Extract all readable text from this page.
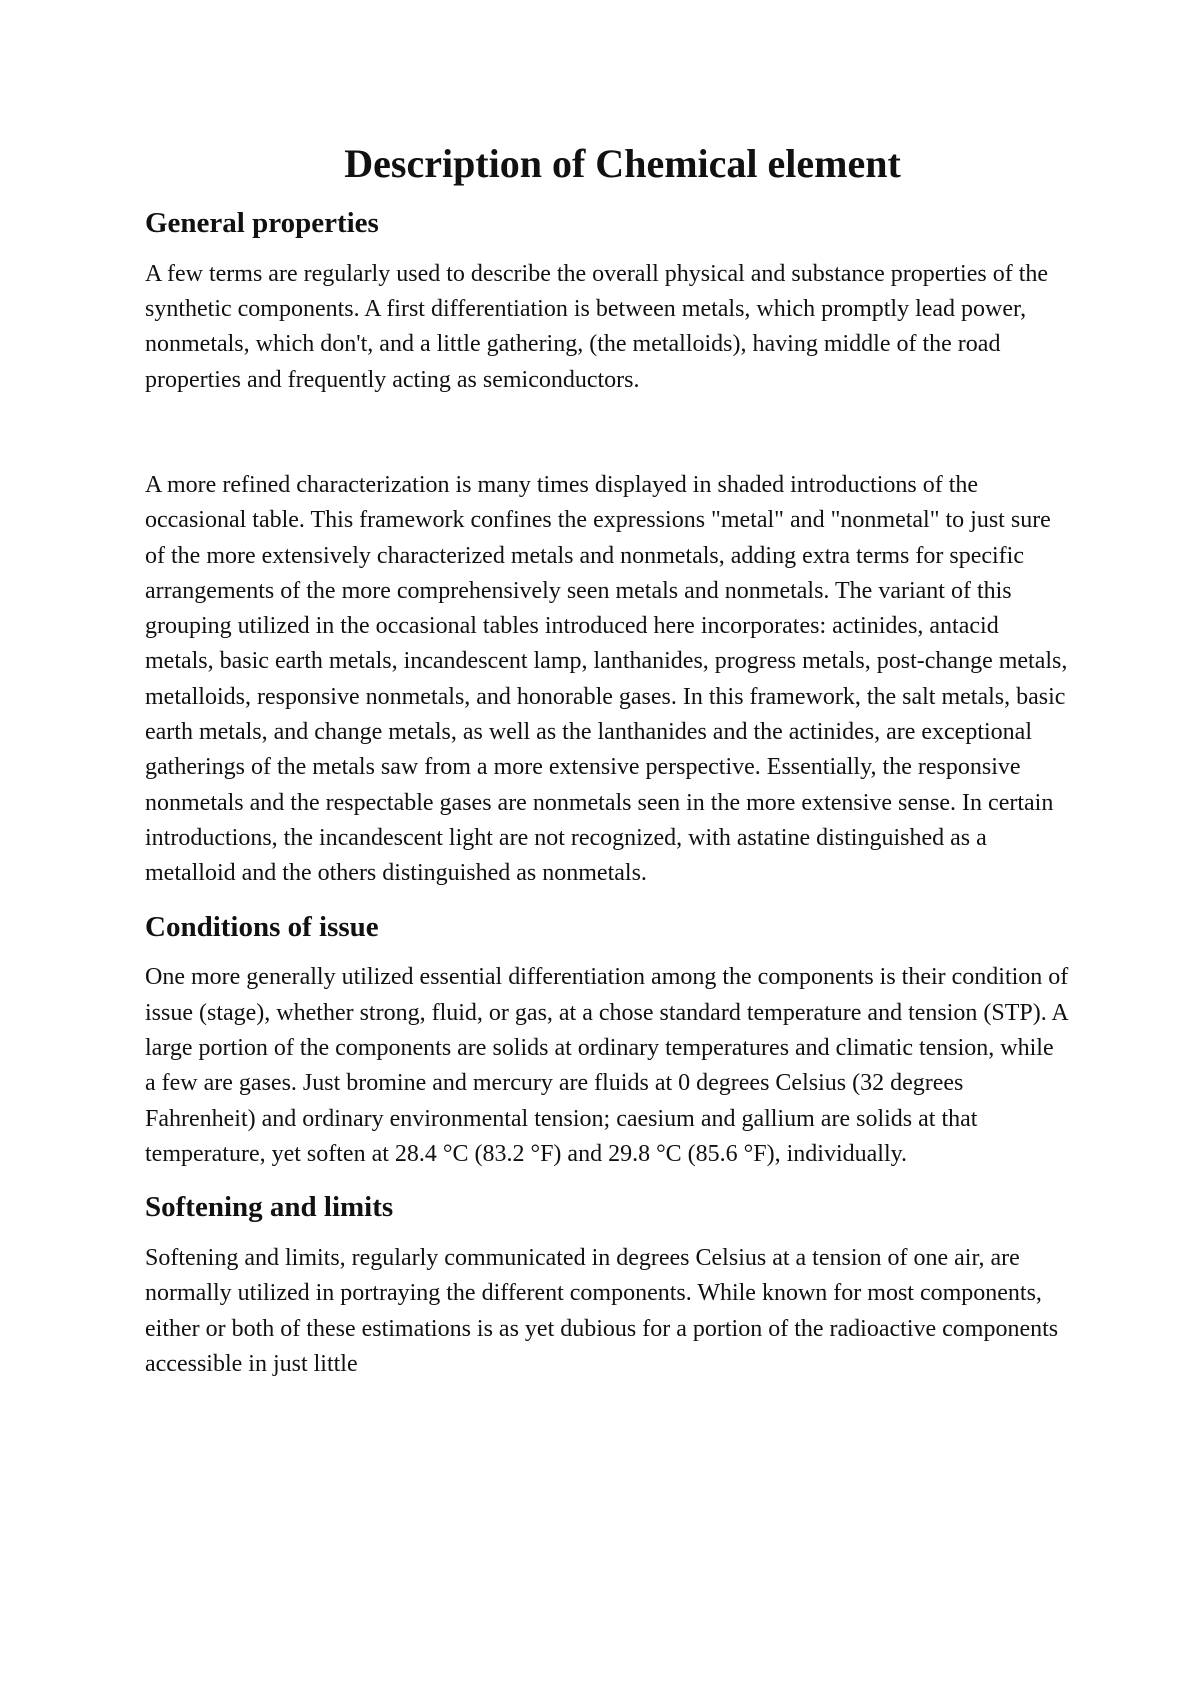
Description of Chemical element
General properties

A few terms are regularly used to describe the overall physical and substance properties of the synthetic components. A first differentiation is between metals, which promptly lead power, nonmetals, which don't, and a little gathering, (the metalloids), having middle of the road properties and frequently acting as semiconductors.

A more refined characterization is many times displayed in shaded introductions of the occasional table. This framework confines the expressions "metal" and "nonmetal" to just sure of the more extensively characterized metals and nonmetals, adding extra terms for specific arrangements of the more comprehensively seen metals and nonmetals. The variant of this grouping utilized in the occasional tables introduced here incorporates: actinides, antacid metals, basic earth metals, incandescent lamp, lanthanides, progress metals, post-change metals, metalloids, responsive nonmetals, and honorable gases. In this framework, the salt metals, basic earth metals, and change metals, as well as the lanthanides and the actinides, are exceptional gatherings of the metals saw from a more extensive perspective. Essentially, the responsive nonmetals and the respectable gases are nonmetals seen in the more extensive sense. In certain introductions, the incandescent light are not recognized, with astatine distinguished as a metalloid and the others distinguished as nonmetals.

Conditions of issue

One more generally utilized essential differentiation among the components is their condition of issue (stage), whether strong, fluid, or gas, at a chose standard temperature and tension (STP). A large portion of the components are solids at ordinary temperatures and climatic tension, while a few are gases. Just bromine and mercury are fluids at 0 degrees Celsius (32 degrees Fahrenheit) and ordinary environmental tension; caesium and gallium are solids at that temperature, yet soften at 28.4 °C (83.2 °F) and 29.8 °C (85.6 °F), individually.

Softening and limits

Softening and limits, regularly communicated in degrees Celsius at a tension of one air, are normally utilized in portraying the different components. While known for most components, either or both of these estimations is as yet dubious for a portion of the radioactive components accessible in just little
